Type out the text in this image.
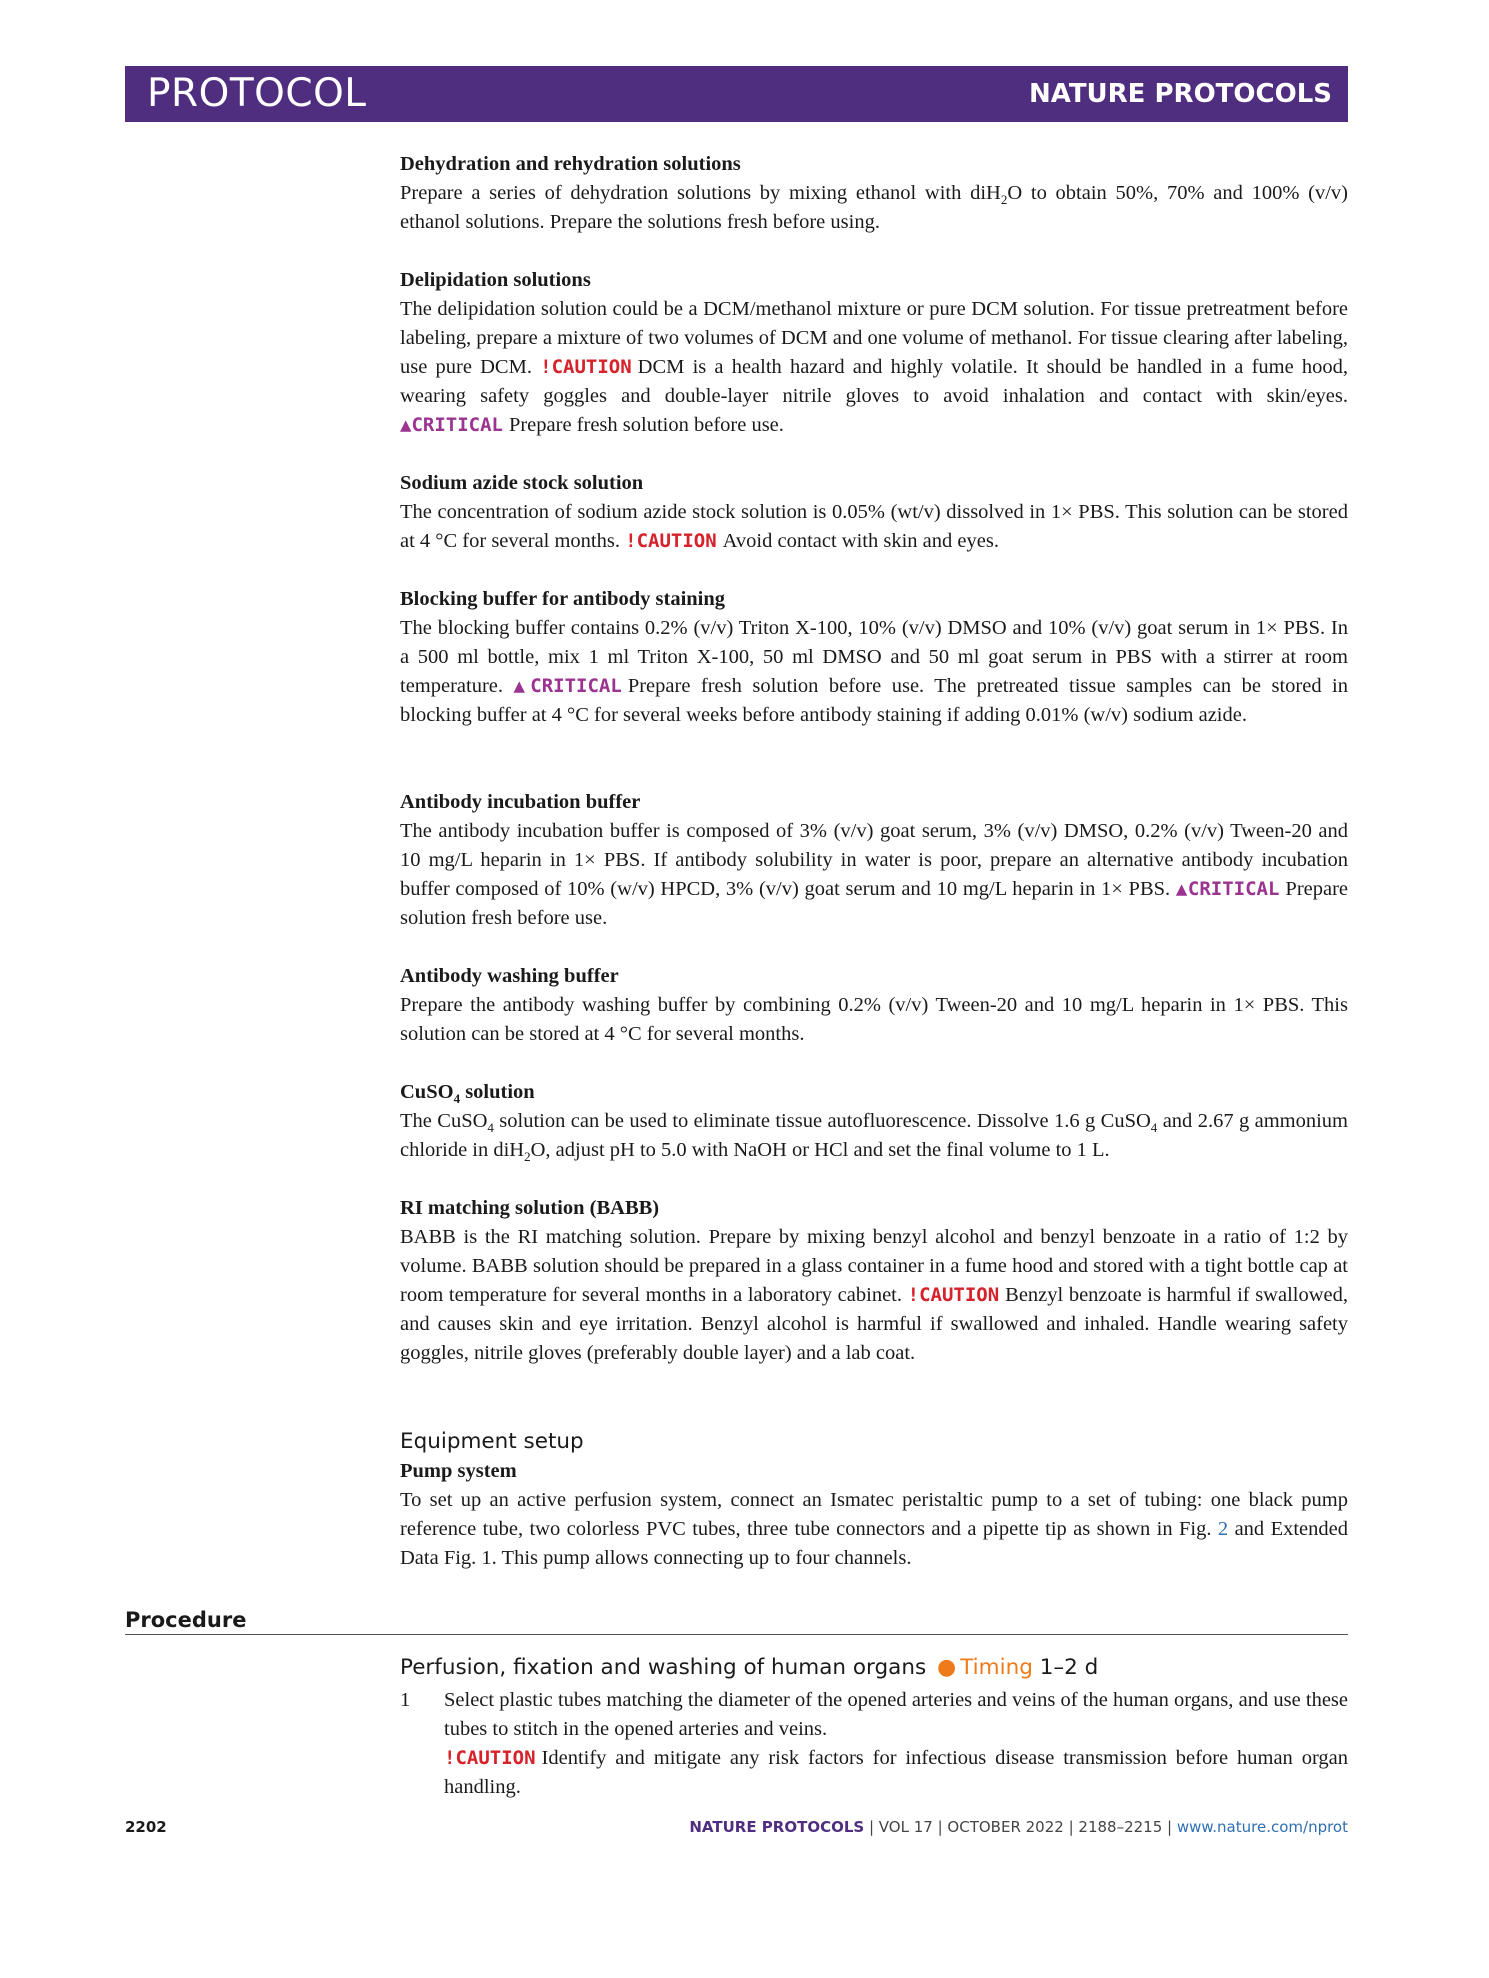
PROTOCOL	NATURE PROTOCOLS
Dehydration and rehydration solutions

Prepare a series of dehydration solutions by mixing ethanol with diH$_2$O to obtain 50%, 70% and 100% (v/v) ethanol solutions. Prepare the solutions fresh before using.

Delipidation solutions

The delipidation solution could be a DCM/methanol mixture or pure DCM solution. For tissue pretreatment before labeling, prepare a mixture of two volumes of DCM and one volume of methanol. For tissue clearing after labeling, use pure DCM. !CAUTION DCM is a health hazard and highly volatile. It should be handled in a fume hood, wearing safety goggles and double-layer nitrile gloves to avoid inhalation and contact with skin/eyes. ▲CRITICAL Prepare fresh solution before use.

Sodium azide stock solution

The concentration of sodium azide stock solution is 0.05% (wt/v) dissolved in 1× PBS. This solution can be stored at 4 °C for several months. !CAUTION Avoid contact with skin and eyes.

Blocking buffer for antibody staining

The blocking buffer contains 0.2% (v/v) Triton X-100, 10% (v/v) DMSO and 10% (v/v) goat serum in 1× PBS. In a 500 ml bottle, mix 1 ml Triton X-100, 50 ml DMSO and 50 ml goat serum in PBS with a stirrer at room temperature. ▲CRITICAL Prepare fresh solution before use. The pretreated tissue samples can be stored in blocking buffer at 4 °C for several weeks before antibody staining if adding 0.01% (w/v) sodium azide.

Antibody incubation buffer

The antibody incubation buffer is composed of 3% (v/v) goat serum, 3% (v/v) DMSO, 0.2% (v/v) Tween-20 and 10 mg/L heparin in 1× PBS. If antibody solubility in water is poor, prepare an alternative antibody incubation buffer composed of 10% (w/v) HPCD, 3% (v/v) goat serum and 10 mg/L heparin in 1× PBS. ▲CRITICAL Prepare solution fresh before use.

Antibody washing buffer

Prepare the antibody washing buffer by combining 0.2% (v/v) Tween-20 and 10 mg/L heparin in 1× PBS. This solution can be stored at 4 °C for several months.

CuSO$_4$ solution

The CuSO$_4$ solution can be used to eliminate tissue autofluorescence. Dissolve 1.6 g CuSO$_4$ and 2.67 g ammonium chloride in diH$_2$O, adjust pH to 5.0 with NaOH or HCl and set the final volume to 1 L.

RI matching solution (BABB)

BABB is the RI matching solution. Prepare by mixing benzyl alcohol and benzyl benzoate in a ratio of 1:2 by volume. BABB solution should be prepared in a glass container in a fume hood and stored with a tight bottle cap at room temperature for several months in a laboratory cabinet. !CAUTION Benzyl benzoate is harmful if swallowed, and causes skin and eye irritation. Benzyl alcohol is harmful if swallowed and inhaled. Handle wearing safety goggles, nitrile gloves (preferably double layer) and a lab coat.

Equipment setup
Pump system

To set up an active perfusion system, connect an Ismatec peristaltic pump to a set of tubing: one black pump reference tube, two colorless PVC tubes, three tube connectors and a pipette tip as shown in Fig. 2 and Extended Data Fig. 1. This pump allows connecting up to four channels.

Procedure
Perfusion, fixation and washing of human organs ● Timing 1–2 d
1 Select plastic tubes matching the diameter of the opened arteries and veins of the human organs, and use these tubes to stitch in the opened arteries and veins.

!CAUTION Identify and mitigate any risk factors for infectious disease transmission before human organ handling.

2202	NATURE PROTOCOLS | VOL 17 | OCTOBER 2022 | 2188–2215 | www.nature.com/nprot
